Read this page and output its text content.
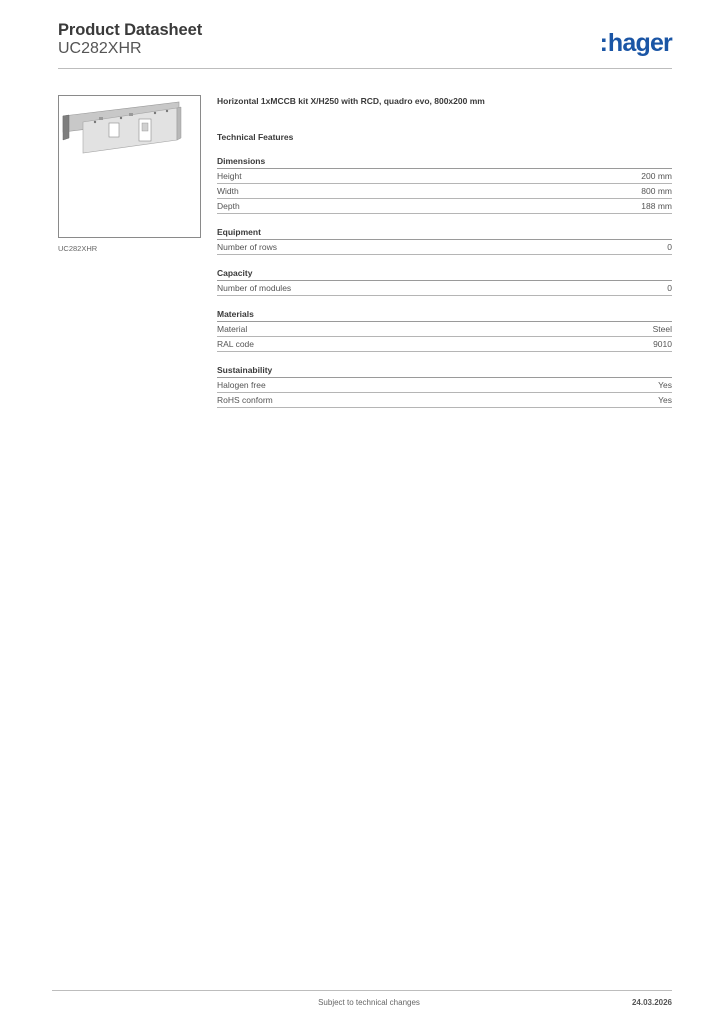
Product Datasheet
UC282XHR	:hager
UC282XHR
Horizontal 1xMCCB kit X/H250 with RCD, quadro evo, 800x200 mm
Technical Features
Dimensions
Height	200 mm
Width	800 mm
Depth	188 mm
Equipment
Number of rows	0
Capacity
Number of modules	0
Materials
Material	Steel
RAL code	9010
Sustainability
Halogen free	Yes
RoHS conform	Yes
Subject to technical changes	24.03.2026
